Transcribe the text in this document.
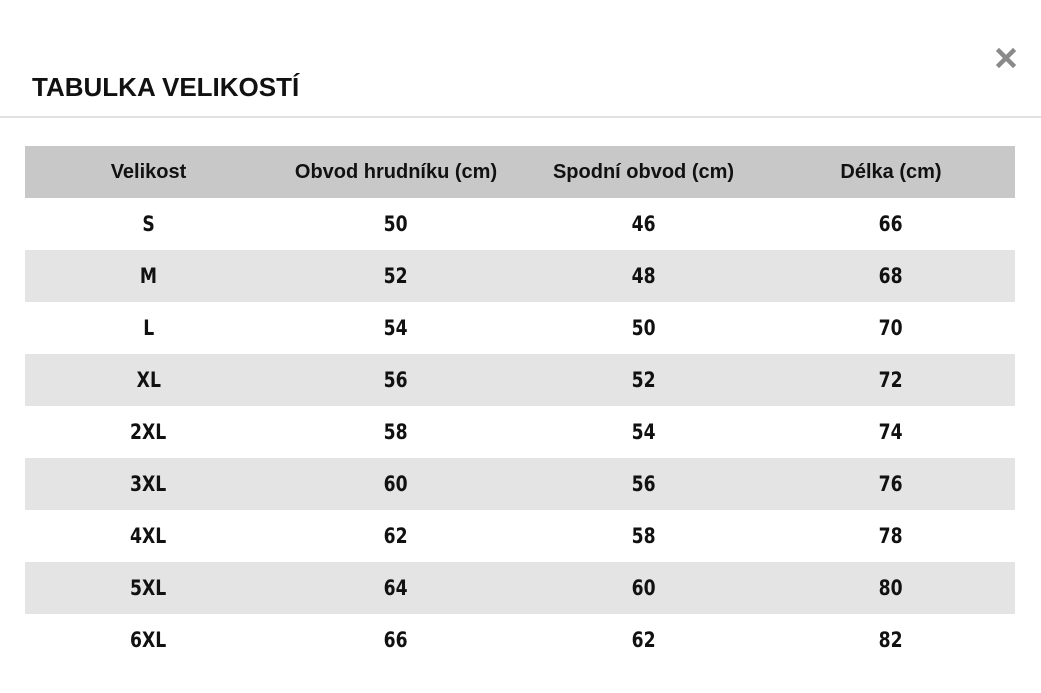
TABULKA VELIKOSTÍ
Velikost	Obvod hrudníku (cm)	Spodní obvod (cm)	Délka (cm)
S	50	46	66
M	52	48	68
L	54	50	70
XL	56	52	72
2XL	58	54	74
3XL	60	56	76
4XL	62	58	78
5XL	64	60	80
6XL	66	62	82
